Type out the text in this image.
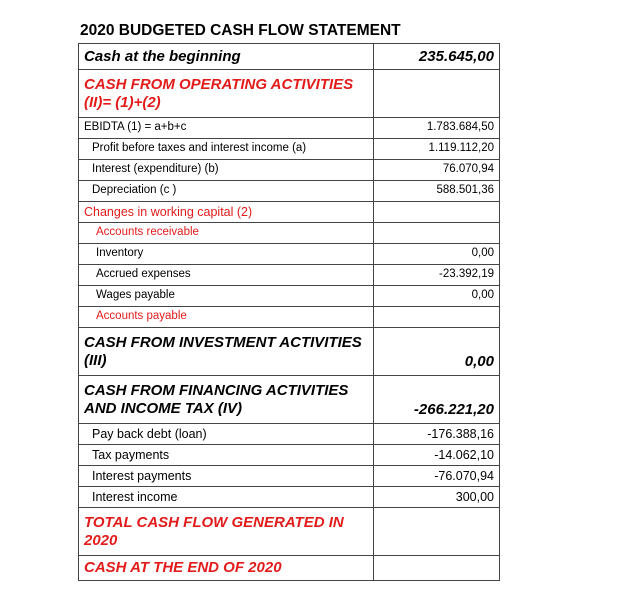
2020 BUDGETED CASH FLOW STATEMENT
Cash at the beginning	235.645,00
CASH FROM OPERATING ACTIVITIES (II)= (1)+(2)	
EBIDTA (1) = a+b+c	1.783.684,50
Profit before taxes and interest income (a)	1.119.112,20
Interest (expenditure) (b)	76.070,94
Depreciation (c )	588.501,36
Changes in working capital (2)	
Accounts receivable	
Inventory	0,00
Accrued expenses	-23.392,19
Wages payable	0,00
Accounts payable	
CASH FROM INVESTMENT ACTIVITIES (III)	0,00
CASH FROM FINANCING ACTIVITIES AND INCOME TAX (IV)	-266.221,20
Pay back debt (loan)	-176.388,16
Tax payments	-14.062,10
Interest payments	-76.070,94
Interest income	300,00
TOTAL CASH FLOW GENERATED IN 2020	
CASH AT THE END OF 2020	
